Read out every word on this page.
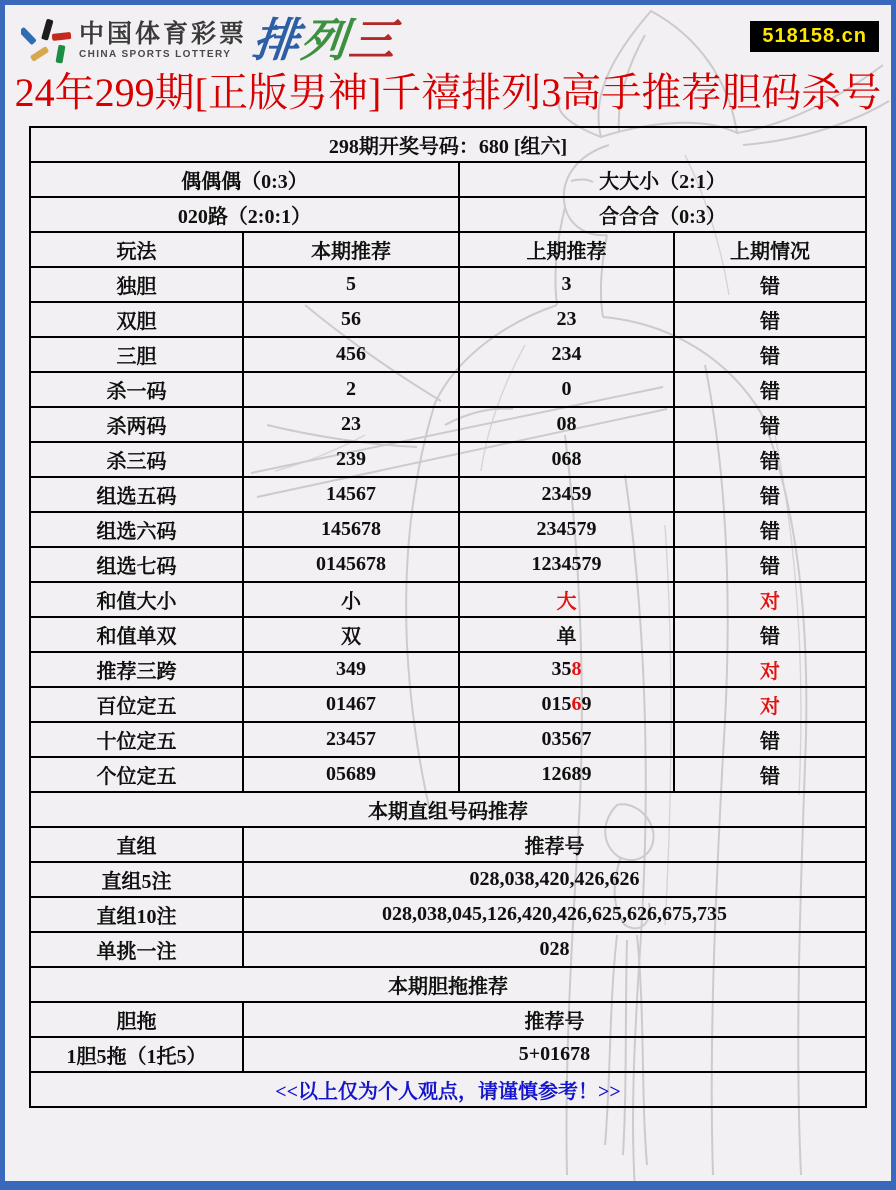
中国体育彩票
CHINA SPORTS LOTTERY 排列三	518158.cn
24年299期[正版男神]千禧排列3高手推荐胆码杀号
298期开奖号码：680 [组六]			
偶偶偶（0:3）		大大小（2:1）	
020路（2:0:1）		合合合（0:3）	
玩法	本期推荐	上期推荐	上期情况
独胆	5	3	错
双胆	56	23	错
三胆	456	234	错
杀一码	2	0	错
杀两码	23	08	错
杀三码	239	068	错
组选五码	14567	23459	错
组选六码	145678	234579	错
组选七码	0145678	1234579	错
和值大小	小	大	对
和值单双	双	单	错
推荐三跨	349	358	对
百位定五	01467	01569	对
十位定五	23457	03567	错
个位定五	05689	12689	错
本期直组号码推荐			
直组	推荐号		
直组5注	028,038,420,426,626		
直组10注	028,038,045,126,420,426,625,626,675,735		
单挑一注	028		
本期胆拖推荐			
胆拖	推荐号		
1胆5拖（1托5）	5+01678		
<<以上仅为个人观点，请谨慎参考！>>			
